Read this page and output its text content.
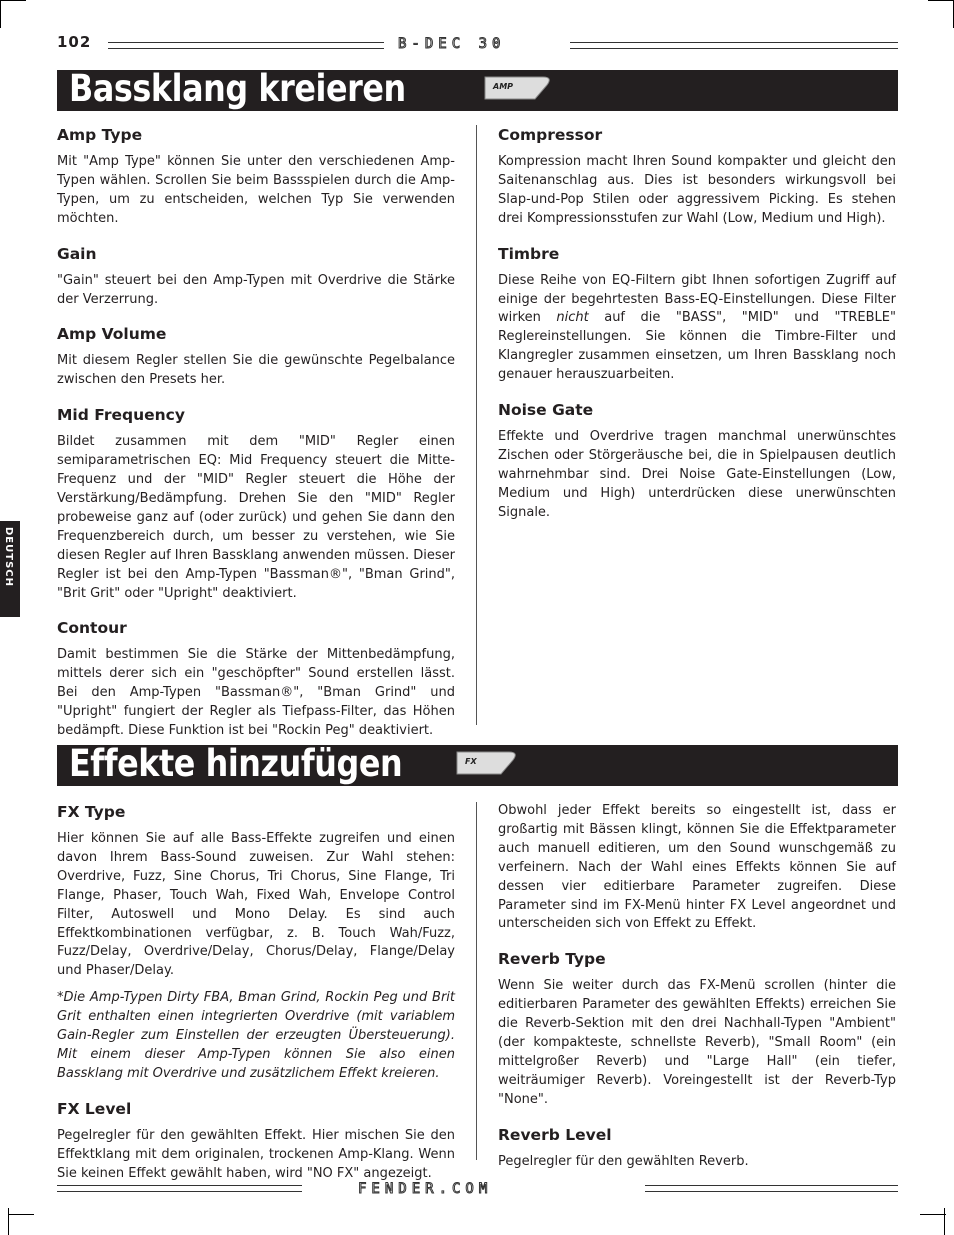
102	B-DEC 30
DEUTSCH
Bassklang kreieren	AMP
Amp Type

Mit "Amp Type" können Sie unter den verschiedenen Amp-Typen wählen. Scrollen Sie beim Bassspielen durch die Amp-Typen, um zu entscheiden, welchen Typ Sie verwenden möchten.

Gain

"Gain" steuert bei den Amp-Typen mit Overdrive die Stärke der Verzerrung.

Amp Volume

Mit diesem Regler stellen Sie die gewünschte Pegelbalance zwischen den Presets her.

Mid Frequency

Bildet zusammen mit dem "MID" Regler einen semiparametrischen EQ: Mid Frequency steuert die Mitte-Frequenz und der "MID" Regler steuert die Höhe der Verstärkung/Bedämpfung. Drehen Sie den "MID" Regler probeweise ganz auf (oder zurück) und gehen Sie dann den Frequenzbereich durch, um besser zu verstehen, wie Sie diesen Regler auf Ihren Bassklang anwenden müssen. Dieser Regler ist bei den Amp-Typen "Bassman®", "Bman Grind", "Brit Grit" oder "Upright" deaktiviert.

Contour

Damit bestimmen Sie die Stärke der Mittenbedämpfung, mittels derer sich ein "geschöpfter" Sound erstellen lässt. Bei den Amp-Typen "Bassman®", "Bman Grind" und "Upright" fungiert der Regler als Tiefpass-Filter, das Höhen bedämpft. Diese Funktion ist bei "Rockin Peg" deaktiviert.

Compressor

Kompression macht Ihren Sound kompakter und gleicht den Saitenanschlag aus. Dies ist besonders wirkungsvoll bei Slap-und-Pop Stilen oder aggressivem Picking. Es stehen drei Kompressionsstufen zur Wahl (Low, Medium und High).

Timbre

Diese Reihe von EQ-Filtern gibt Ihnen sofortigen Zugriff auf einige der begehrtesten Bass-EQ-Einstellungen. Diese Filter wirken nicht auf die "BASS", "MID" und "TREBLE" Reglereinstellungen. Sie können die Timbre-Filter und Klangregler zusammen einsetzen, um Ihren Bassklang noch genauer herauszuarbeiten.

Noise Gate

Effekte und Overdrive tragen manchmal unerwünschtes Zischen oder Störgeräusche bei, die in Spielpausen deutlich wahrnehmbar sind. Drei Noise Gate-Einstellungen (Low, Medium und High) unterdrücken diese unerwünschten Signale.

Effekte hinzufügen	FX
FX Type

Hier können Sie auf alle Bass-Effekte zugreifen und einen davon Ihrem Bass-Sound zuweisen. Zur Wahl stehen: Overdrive, Fuzz, Sine Chorus, Tri Chorus, Sine Flange, Tri Flange, Phaser, Touch Wah, Fixed Wah, Envelope Control Filter, Autoswell und Mono Delay. Es sind auch Effektkombinationen verfügbar, z. B. Touch Wah/Fuzz, Fuzz/Delay, Overdrive/Delay, Chorus/Delay, Flange/Delay und Phaser/Delay.

*Die Amp-Typen Dirty FBA, Bman Grind, Rockin Peg und Brit Grit enthalten einen integrierten Overdrive (mit variablem Gain-Regler zum Einstellen der erzeugten Übersteuerung). Mit einem dieser Amp-Typen können Sie also einen Bassklang mit Overdrive und zusätzlichem Effekt kreieren.

FX Level

Pegelregler für den gewählten Effekt. Hier mischen Sie den Effektklang mit dem originalen, trockenen Amp-Klang. Wenn Sie keinen Effekt gewählt haben, wird "NO FX" angezeigt.

Obwohl jeder Effekt bereits so eingestellt ist, dass er großartig mit Bässen klingt, können Sie die Effektparameter auch manuell editieren, um den Sound wunschgemäß zu verfeinern. Nach der Wahl eines Effekts können Sie auf dessen vier editierbare Parameter zugreifen. Diese Parameter sind im FX-Menü hinter FX Level angeordnet und unterscheiden sich von Effekt zu Effekt.

Reverb Type

Wenn Sie weiter durch das FX-Menü scrollen (hinter die editierbaren Parameter des gewählten Effekts) erreichen Sie die Reverb-Sektion mit den drei Nachhall-Typen "Ambient" (der kompakteste, schnellste Reverb), "Small Room" (ein mittelgroßer Reverb) und "Large Hall" (ein tiefer, weiträumiger Reverb). Voreingestellt ist der Reverb-Typ "None".

Reverb Level

Pegelregler für den gewählten Reverb.

FENDER.COM
